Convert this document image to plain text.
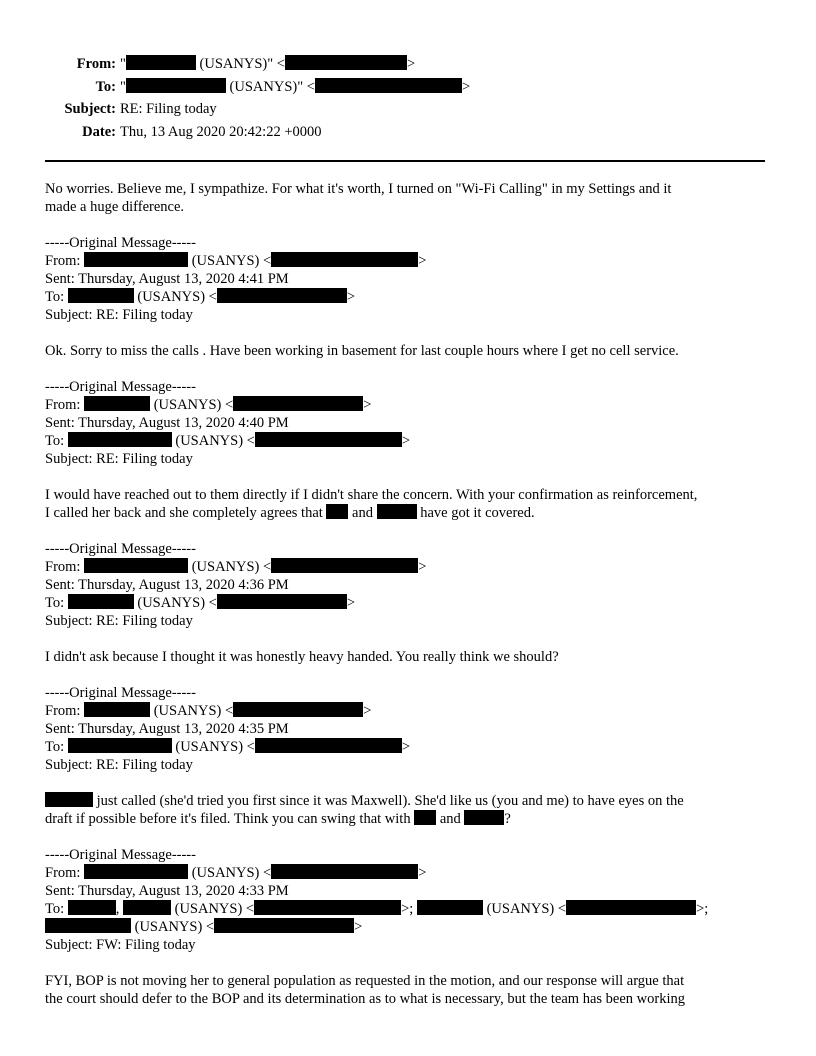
From: "	(USANYS)" <	>
To: "	(USANYS)" <	>
Subject: RE: Filing today
Date: Thu, 13 Aug 2020 20:42:22 +0000

No worries. Believe me, I sympathize. For what it's worth, I turned on "Wi-Fi Calling" in my Settings and it

made a huge difference.

-----Original Message-----

From:	(USANYS) <	>

Sent: Thursday, August 13, 2020 4:41 PM

To:	(USANYS) <	>

Subject: RE: Filing today

Ok. Sorry to miss the calls . Have been working in basement for last couple hours where I get no cell service.

-----Original Message-----

From:	(USANYS) <	>

Sent: Thursday, August 13, 2020 4:40 PM

To:	(USANYS) <	>

Subject: RE: Filing today

I would have reached out to them directly if I didn't share the concern. With your confirmation as reinforcement,

I called her back and she completely agrees that  and	have got it covered.

-----Original Message-----

From:	(USANYS) <	>

Sent: Thursday, August 13, 2020 4:36 PM

To:	(USANYS) <	>

Subject: RE: Filing today

I didn't ask because I thought it was honestly heavy handed. You really think we should?

-----Original Message-----

From:	(USANYS) <	>

Sent: Thursday, August 13, 2020 4:35 PM

To:	(USANYS) <	>

Subject: RE: Filing today

just called (she'd tried you first since it was Maxwell). She'd like us (you and me) to have eyes on the

draft if possible before it's filed. Think you can swing that with  and	?

-----Original Message-----

From:	(USANYS) <	>

Sent: Thursday, August 13, 2020 4:33 PM

To:	,	(USANYS) <	>;	(USANYS) <	>;

(USANYS) <	>

Subject: FW: Filing today

FYI, BOP is not moving her to general population as requested in the motion, and our response will argue that

the court should defer to the BOP and its determination as to what is necessary, but the team has been working
